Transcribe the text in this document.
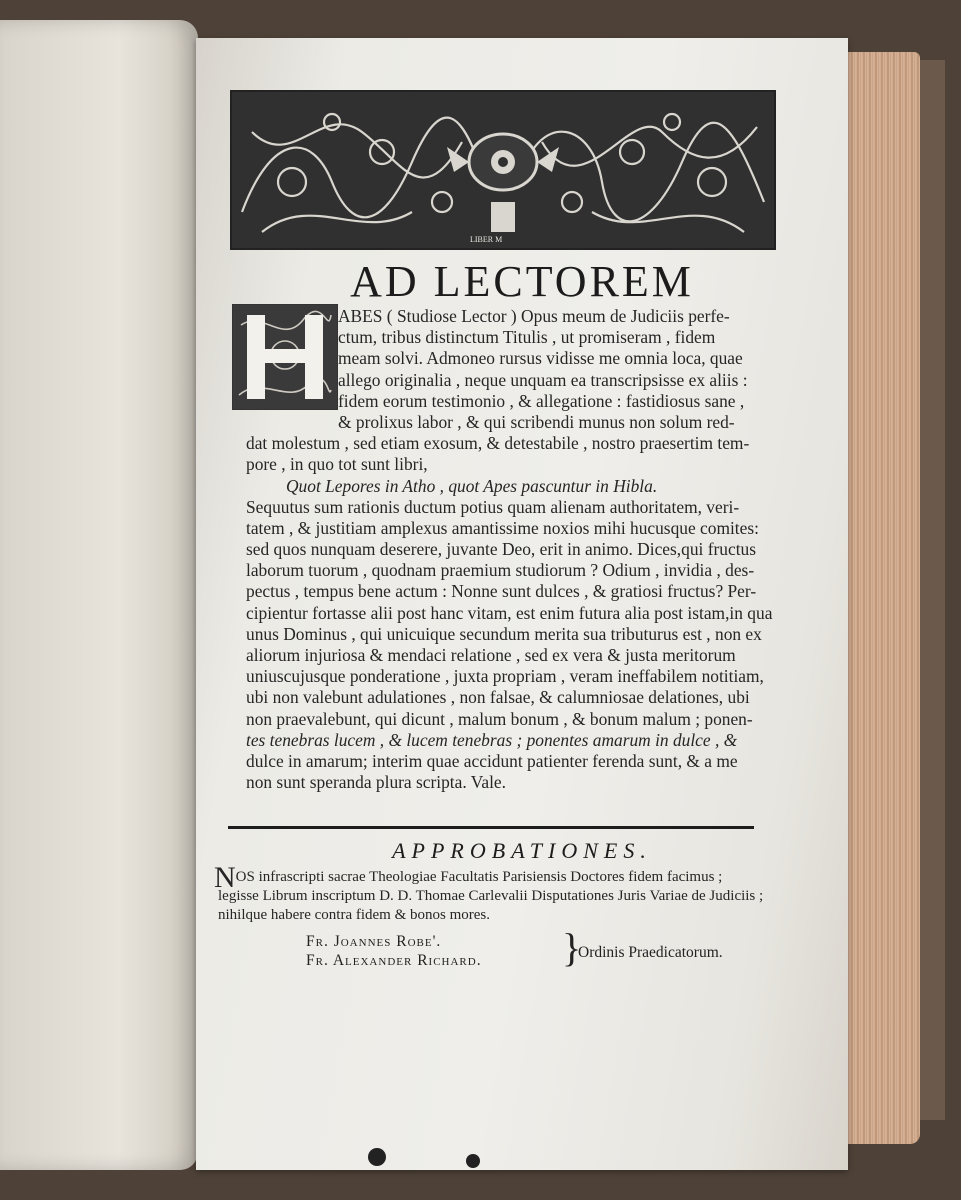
LIBER M
AD LECTOREM
ABES ( Studiose Lector ) Opus meum de Judiciis perfe-
ctum, tribus distinctum Titulis , ut promiseram , fidem
meam solvi. Admoneo rursus vidisse me omnia loca, quae
allego originalia , neque unquam ea transcripsisse ex aliis :
fidem eorum testimonio , & allegatione : fastidiosus sane ,
& prolixus labor , & qui scribendi munus non solum red-
dat molestum , sed etiam exosum, & detestabile , nostro praesertim tem-
pore , in quo tot sunt libri,
Quot Lepores in Atho , quot Apes pascuntur in Hibla.
Sequutus sum rationis ductum potius quam alienam authoritatem, veri-
tatem , & justitiam amplexus amantissime noxios mihi hucusque comites:
sed quos nunquam deserere, juvante Deo, erit in animo. Dices,qui fructus
laborum tuorum , quodnam praemium studiorum ? Odium , invidia , des-
pectus , tempus bene actum : Nonne sunt dulces , & gratiosi fructus? Per-
cipientur fortasse alii post hanc vitam, est enim futura alia post istam,in qua
unus Dominus , qui unicuique secundum merita sua tributurus est , non ex
aliorum injuriosa & mendaci relatione , sed ex vera & justa meritorum
uniuscujusque ponderatione , juxta propriam , veram ineffabilem notitiam,
ubi non valebunt adulationes , non falsae, & calumniosae delationes, ubi
non praevalebunt, qui dicunt , malum bonum , & bonum malum ; ponen-
tes tenebras lucem , & lucem tenebras ; ponentes amarum in dulce , &
dulce in amarum; interim quae accidunt patienter ferenda sunt, & a me
non sunt speranda plura scripta. Vale.
APPROBATIONES.
NOS infrascripti sacrae Theologiae Facultatis Parisiensis Doctores fidem facimus ;
legisse Librum inscriptum D. D. Thomae Carlevalii Disputationes Juris Variae de Judiciis ;
nihilque habere contra fidem & bonos mores.
Fr. Joannes Robe'.
Fr. Alexander Richard. }
Ordinis Praedicatorum.
